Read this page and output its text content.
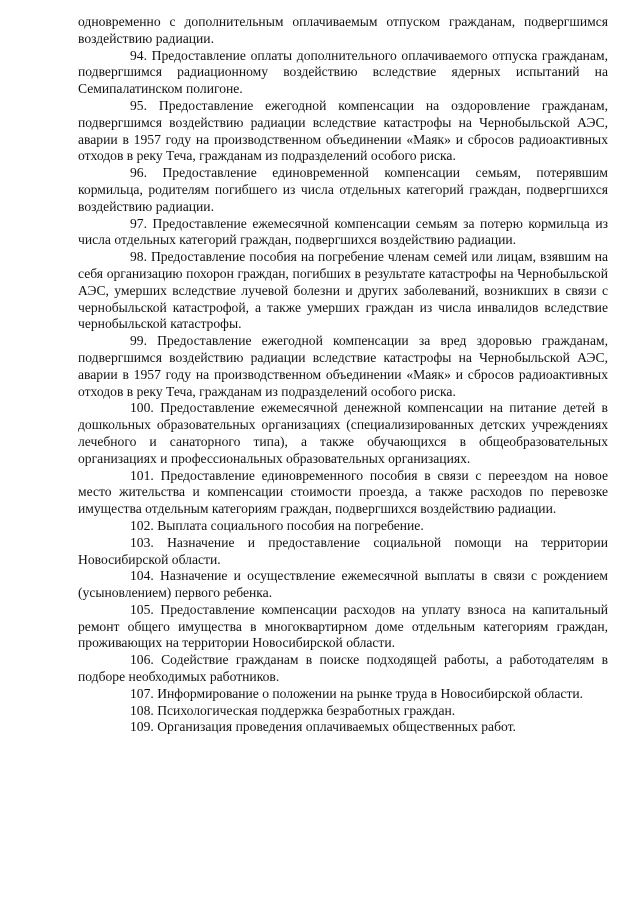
одновременно с дополнительным оплачиваемым отпуском гражданам, подвергшимся воздействию радиации.

94. Предоставление оплаты дополнительного оплачиваемого отпуска гражданам, подвергшимся радиационному воздействию вследствие ядерных испытаний на Семипалатинском полигоне.

95. Предоставление ежегодной компенсации на оздоровление гражданам, подвергшимся воздействию радиации вследствие катастрофы на Чернобыльской АЭС, аварии в 1957 году на производственном объединении «Маяк» и сбросов радиоактивных отходов в реку Теча, гражданам из подразделений особого риска.

96. Предоставление единовременной компенсации семьям, потерявшим кормильца, родителям погибшего из числа отдельных категорий граждан, подвергшихся воздействию радиации.

97. Предоставление ежемесячной компенсации семьям за потерю кормильца из числа отдельных категорий граждан, подвергшихся воздействию радиации.

98. Предоставление пособия на погребение членам семей или лицам, взявшим на себя организацию похорон граждан, погибших в результате катастрофы на Чернобыльской АЭС, умерших вследствие лучевой болезни и других заболеваний, возникших в связи с чернобыльской катастрофой, а также умерших граждан из числа инвалидов вследствие чернобыльской катастрофы.

99. Предоставление ежегодной компенсации за вред здоровью гражданам, подвергшимся воздействию радиации вследствие катастрофы на Чернобыльской АЭС, аварии в 1957 году на производственном объединении «Маяк» и сбросов радиоактивных отходов в реку Теча, гражданам из подразделений особого риска.

100. Предоставление ежемесячной денежной компенсации на питание детей в дошкольных образовательных организациях (специализированных детских учреждениях лечебного и санаторного типа), а также обучающихся в общеобразовательных организациях и профессиональных образовательных организациях.

101. Предоставление единовременного пособия в связи с переездом на новое место жительства и компенсации стоимости проезда, а также расходов по перевозке имущества отдельным категориям граждан, подвергшихся воздействию радиации.

102. Выплата социального пособия на погребение.

103. Назначение и предоставление социальной помощи на территории Новосибирской области.

104. Назначение и осуществление ежемесячной выплаты в связи с рождением (усыновлением) первого ребенка.

105. Предоставление компенсации расходов на уплату взноса на капитальный ремонт общего имущества в многоквартирном доме отдельным категориям граждан, проживающих на территории Новосибирской области.

106. Содействие гражданам в поиске подходящей работы, а работодателям в подборе необходимых работников.

107. Информирование о положении на рынке труда в Новосибирской области.

108. Психологическая поддержка безработных граждан.

109. Организация проведения оплачиваемых общественных работ.
